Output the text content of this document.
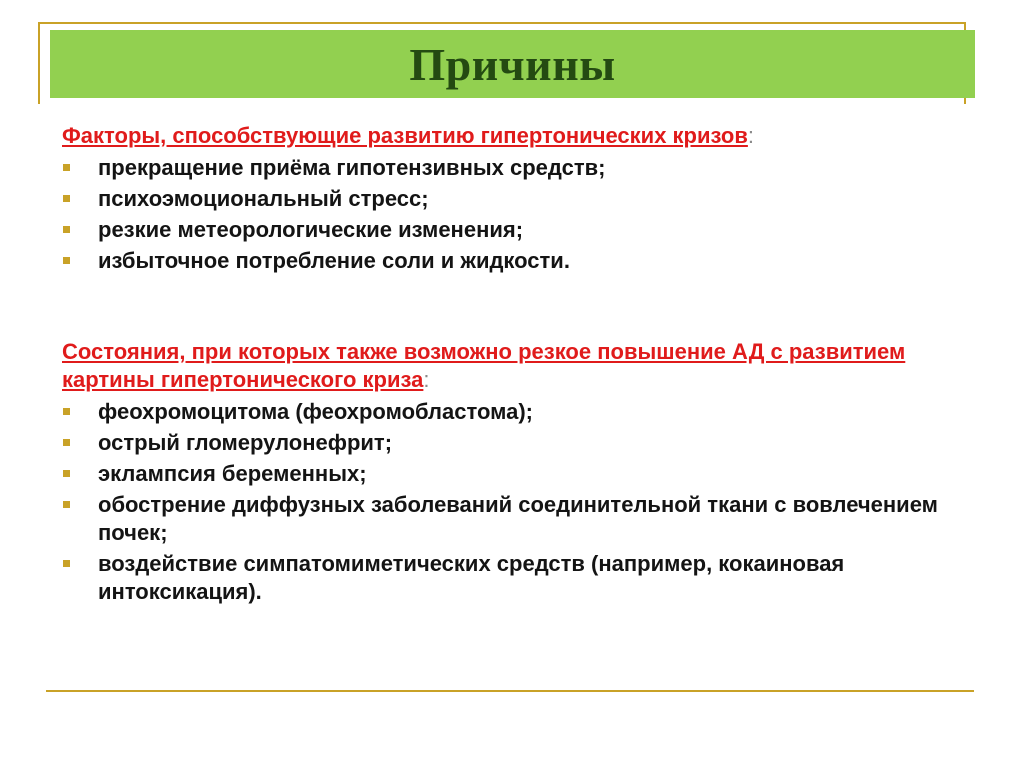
Причины

Факторы, способствующие развитию гипертонических кризов:

прекращение приёма гипотензивных средств;
психоэмоциональный стресс;
резкие метеорологические изменения;
избыточное потребление соли и жидкости.

Состояния, при которых также возможно резкое повышение АД с развитием картины гипертонического криза:

феохромоцитома (феохромобластома);
острый гломерулонефрит;
эклампсия беременных;
обострение диффузных заболеваний соединительной ткани с вовлечением почек;
воздействие симпатомиметических средств (например, кокаиновая интоксикация).
